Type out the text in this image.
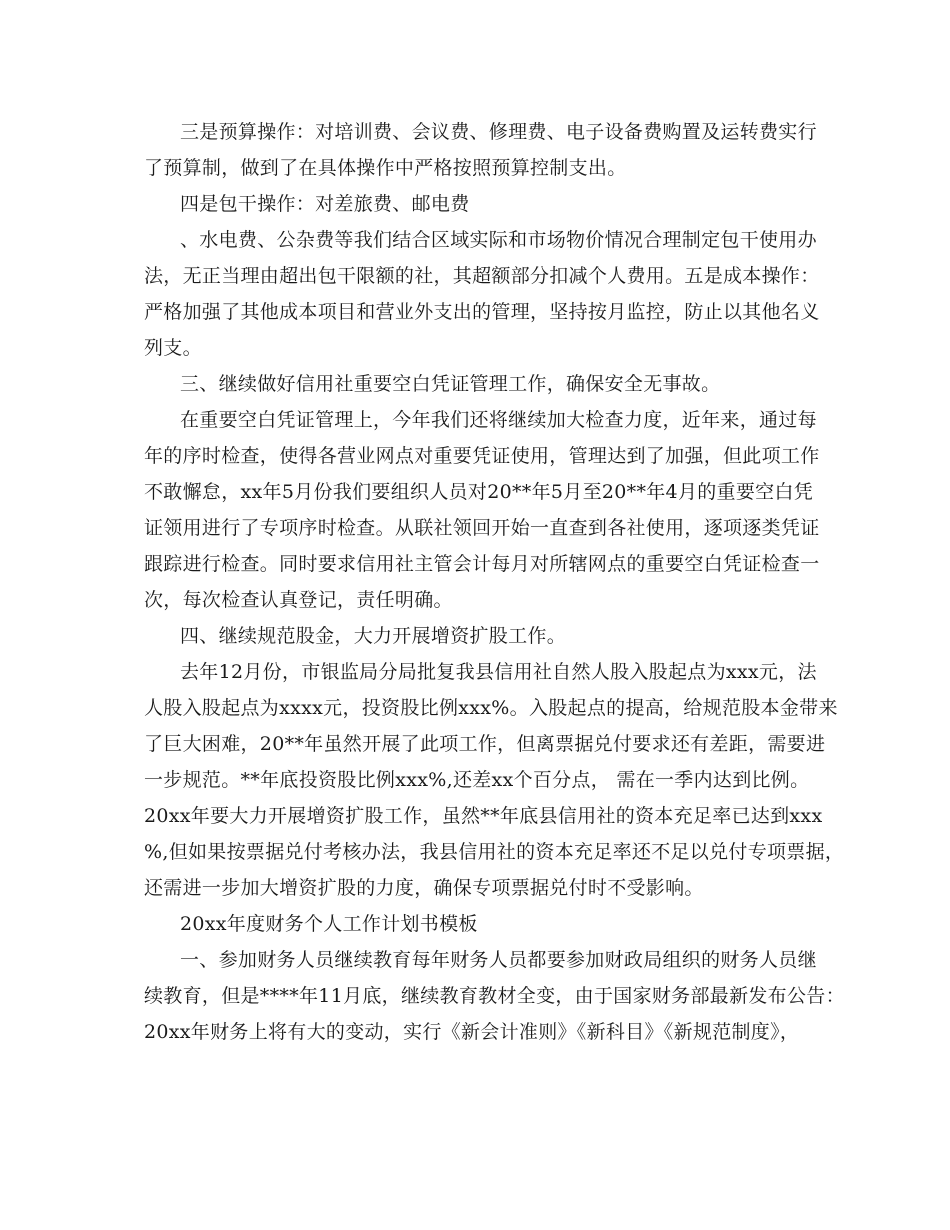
三是预算操作：对培训费、会议费、修理费、电子设备费购置及运转费实行
了预算制，做到了在具体操作中严格按照预算控制支出。
四是包干操作：对差旅费、邮电费
、水电费、公杂费等我们结合区域实际和市场物价情况合理制定包干使用办
法，无正当理由超出包干限额的社，其超额部分扣减个人费用。五是成本操作：
严格加强了其他成本项目和营业外支出的管理，坚持按月监控，防止以其他名义
列支。
三、继续做好信用社重要空白凭证管理工作，确保安全无事故。
在重要空白凭证管理上，今年我们还将继续加大检查力度，近年来，通过每
年的序时检查，使得各营业网点对重要凭证使用，管理达到了加强，但此项工作
不敢懈怠，xx年5月份我们要组织人员对20**年5月至20**年4月的重要空白凭
证领用进行了专项序时检查。从联社领回开始一直查到各社使用，逐项逐类凭证
跟踪进行检查。同时要求信用社主管会计每月对所辖网点的重要空白凭证检查一
次，每次检查认真登记，责任明确。
四、继续规范股金，大力开展增资扩股工作。
去年12月份，市银监局分局批复我县信用社自然人股入股起点为xxx元，法
人股入股起点为xxxx元，投资股比例xxx%。入股起点的提高，给规范股本金带来
了巨大困难，20**年虽然开展了此项工作，但离票据兑付要求还有差距，需要进
一步规范。**年底投资股比例xxx%,还差xx个百分点， 需在一季内达到比例。
20xx年要大力开展增资扩股工作，虽然**年底县信用社的资本充足率已达到xxx
%,但如果按票据兑付考核办法，我县信用社的资本充足率还不足以兑付专项票据，
还需进一步加大增资扩股的力度，确保专项票据兑付时不受影响。
20xx年度财务个人工作计划书模板
一、参加财务人员继续教育每年财务人员都要参加财政局组织的财务人员继
续教育，但是****年11月底，继续教育教材全变，由于国家财务部最新发布公告：
20xx年财务上将有大的变动，实行《新会计准则》《新科目》《新规范制度》，
